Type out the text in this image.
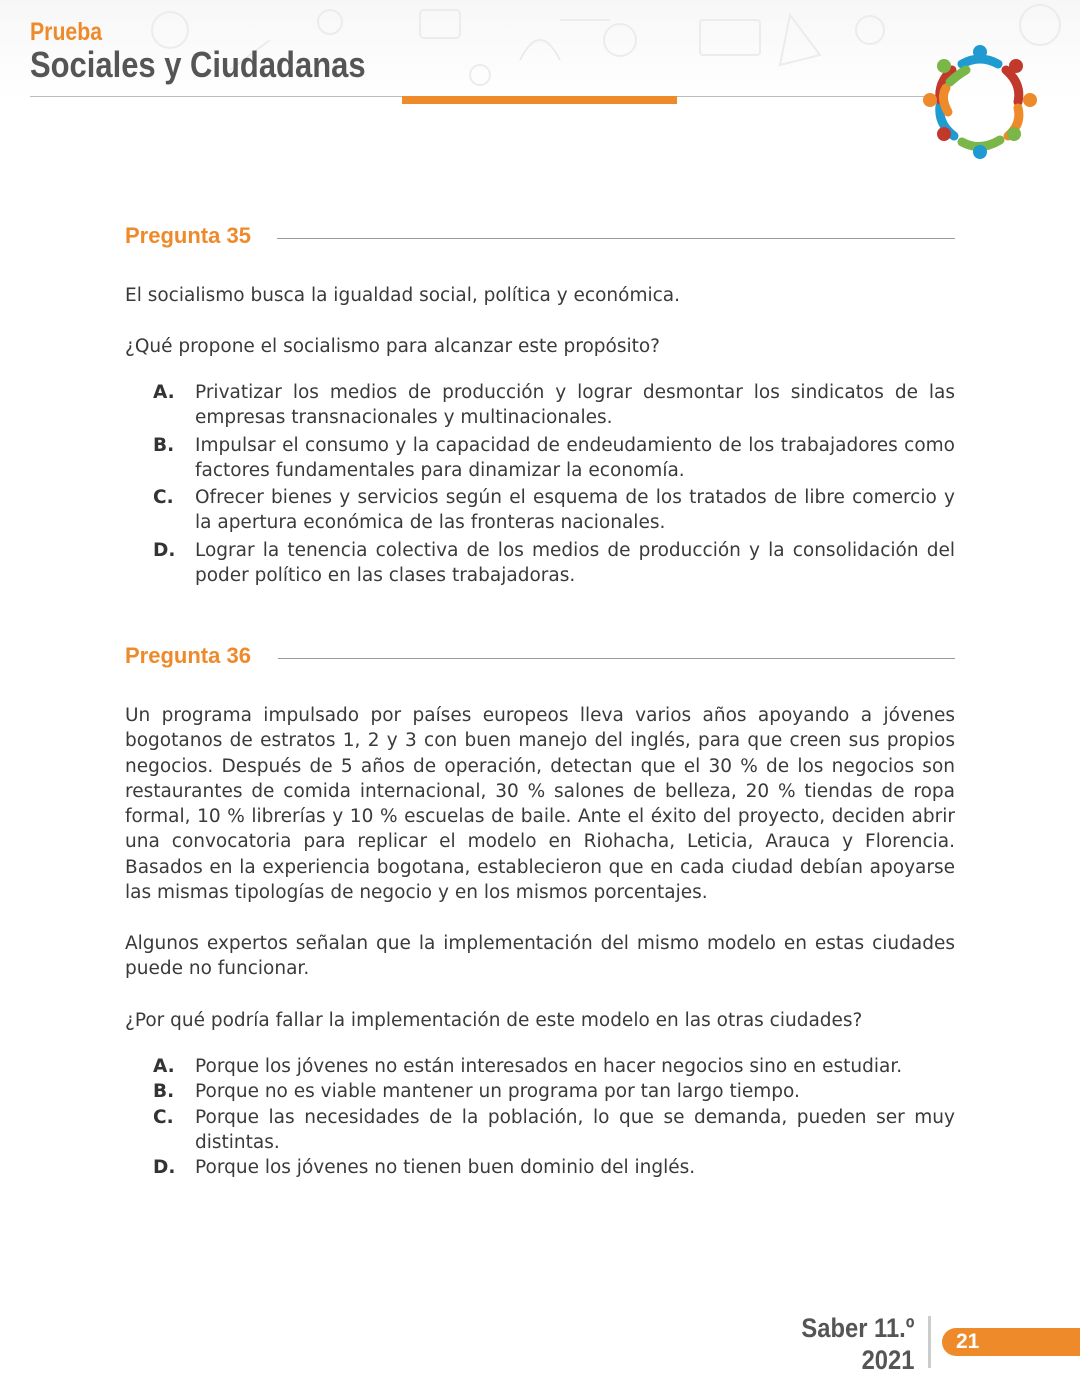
Prueba
Sociales y Ciudadanas
Pregunta 35

El socialismo busca la igualdad social, política y económica.

¿Qué propone el socialismo para alcanzar este propósito?

A.	Privatizar los medios de producción y lograr desmontar los sindicatos de las empresas transnacionales y multinacionales.
B.	Impulsar el consumo y la capacidad de endeudamiento de los trabajadores como factores fundamentales para dinamizar la economía.
C.	Ofrecer bienes y servicios según el esquema de los tratados de libre comercio y la apertura económica de las fronteras nacionales.
D.	Lograr la tenencia colectiva de los medios de producción y la consolidación del poder político en las clases trabajadoras.
Pregunta 36

Un programa impulsado por países europeos lleva varios años apoyando a jóvenes bogotanos de estratos 1, 2 y 3 con buen manejo del inglés, para que creen sus propios negocios. Después de 5 años de operación, detectan que el 30 % de los negocios son restaurantes de comida internacional, 30 % salones de belleza, 20 % tiendas de ropa formal, 10 % librerías y 10 % escuelas de baile. Ante el éxito del proyecto, deciden abrir una convocatoria para replicar el modelo en Riohacha, Leticia, Arauca y Florencia. Basados en la experiencia bogotana, establecieron que en cada ciudad debían apoyarse las mismas tipologías de negocio y en los mismos porcentajes.

Algunos expertos señalan que la implementación del mismo modelo en estas ciudades puede no funcionar.

¿Por qué podría fallar la implementación de este modelo en las otras ciudades?

A.	Porque los jóvenes no están interesados en hacer negocios sino en estudiar.
B.	Porque no es viable mantener un programa por tan largo tiempo.
C.	Porque las necesidades de la población, lo que se demanda, pueden ser muy distintas.
D.	Porque los jóvenes no tienen buen dominio del inglés.
Saber 11.º
2021
21
